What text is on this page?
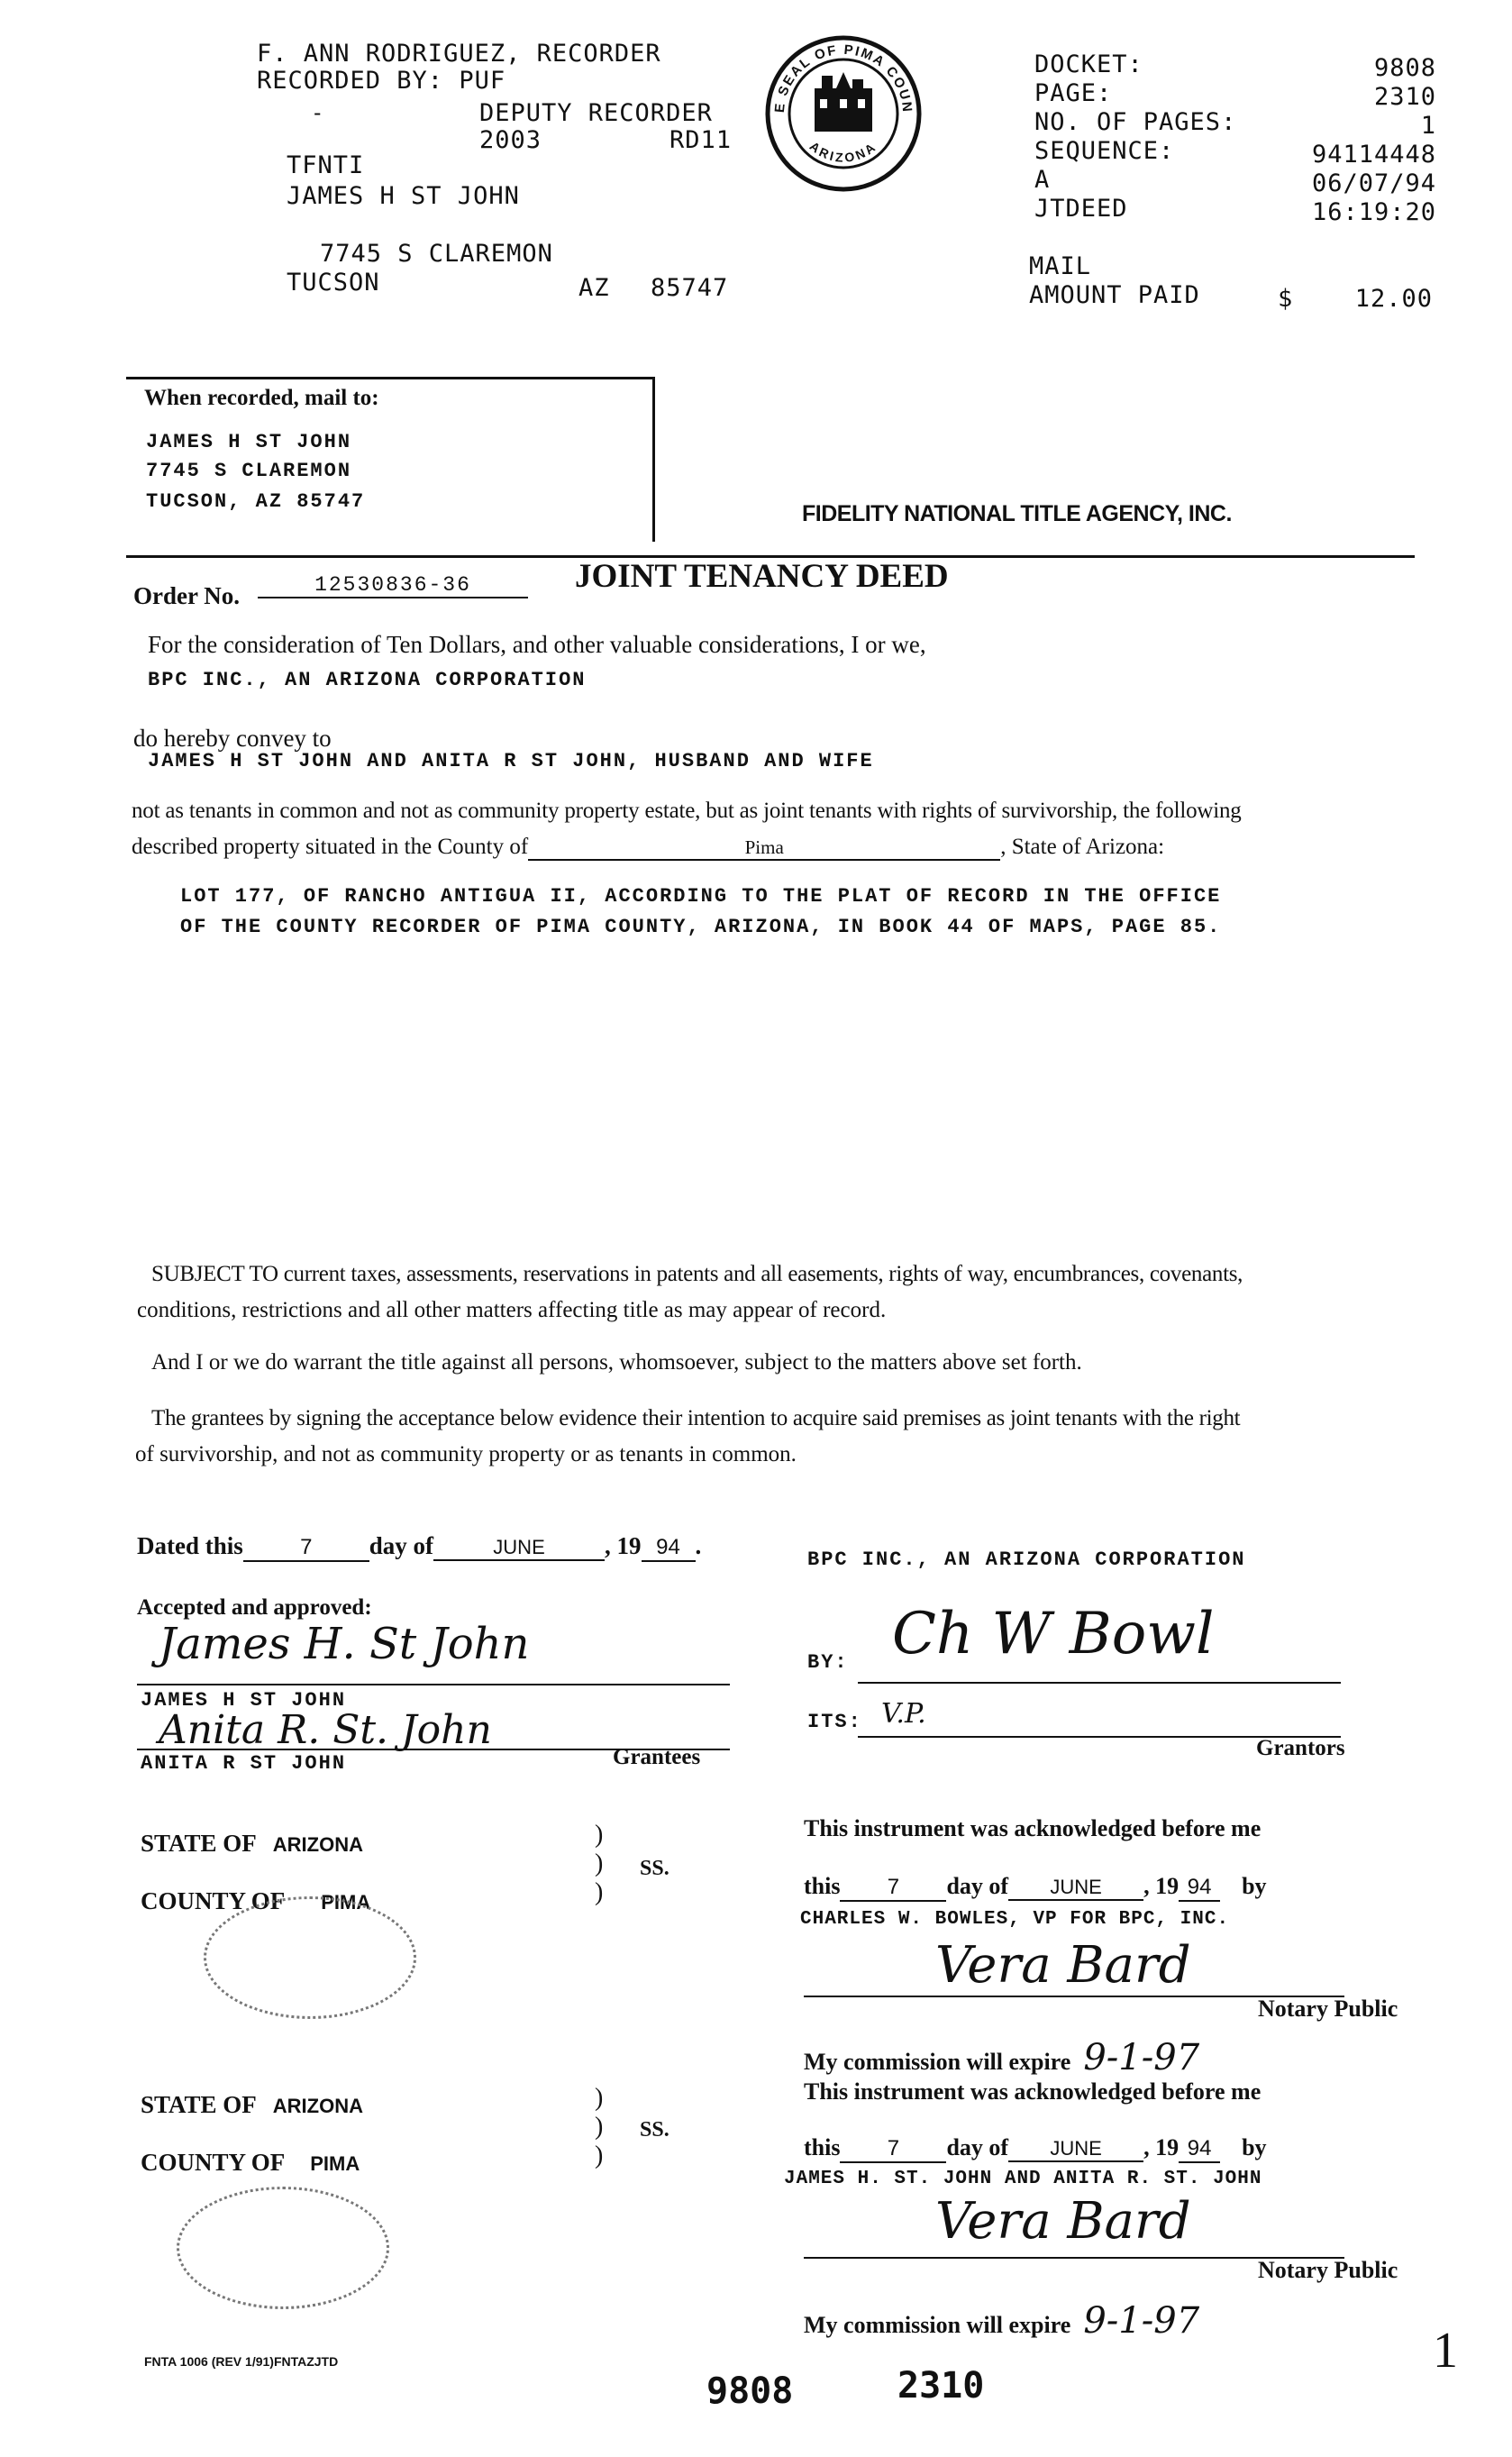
F. ANN RODRIGUEZ, RECORDER
RECORDED BY: PUF
-	DEPUTY RECORDER
2003	RD11
TFNTI
JAMES H ST JOHN
7745 S CLAREMON
TUCSON	AZ 85747
E SEAL OF PIMA COUN
ARIZONA
DOCKET:	9808
PAGE:	2310
NO. OF PAGES:	1
SEQUENCE:	94114448
A	06/07/94
JTDEED	16:19:20
MAIL
AMOUNT PAID	$	12.00
When recorded, mail to:
JAMES H ST JOHN
7745 S CLAREMON
TUCSON, AZ 85747	FIDELITY NATIONAL TITLE AGENCY, INC.
Order No.	12530836-36	JOINT TENANCY DEED
For the consideration of Ten Dollars, and other valuable considerations, I or we,
BPC INC., AN ARIZONA CORPORATION
do hereby convey to
JAMES H ST JOHN AND ANITA R ST JOHN, HUSBAND AND WIFE
not as tenants in common and not as community property estate, but as joint tenants with rights of survivorship, the following
described property situated in the County of	Pima	, State of Arizona:
LOT 177, OF RANCHO ANTIGUA II, ACCORDING TO THE PLAT OF RECORD IN THE OFFICE
OF THE COUNTY RECORDER OF PIMA COUNTY, ARIZONA, IN BOOK 44 OF MAPS, PAGE 85.
SUBJECT TO current taxes, assessments, reservations in patents and all easements, rights of way, encumbrances, covenants,
conditions, restrictions and all other matters affecting title as may appear of record.
And I or we do warrant the title against all persons, whomsoever, subject to the matters above set forth.
The grantees by signing the acceptance below evidence their intention to acquire said premises as joint tenants with the right
of survivorship, and not as community property or as tenants in common.
Dated this	7 day of	JUNE , 19 94 .
BPC INC., AN ARIZONA CORPORATION
BY: Ch W Bowl
ITS: V.P.
Grantors
Accepted and approved:
James H. St John
JAMES H ST JOHN
Anita R. St. John
ANITA R ST JOHN	Grantees
STATE OF ARIZONA
COUNTY OF PIMA
)
)
)
SS.
This instrument was acknowledged before me
this 7 day of JUNE , 19 94 by
CHARLES W. BOWLES, VP FOR BPC, INC.
Vera Bard
Notary Public
My commission will expire 9-1-97
STATE OF ARIZONA
COUNTY OF PIMA
)
)
)
SS.
This instrument was acknowledged before me
this 7 day of JUNE , 19 94 by
JAMES H. ST. JOHN AND ANITA R. ST. JOHN
Vera Bard
Notary Public
My commission will expire 9-1-97
FNTA 1006 (REV 1/91)FNTAZJTD
9808	2310
1
